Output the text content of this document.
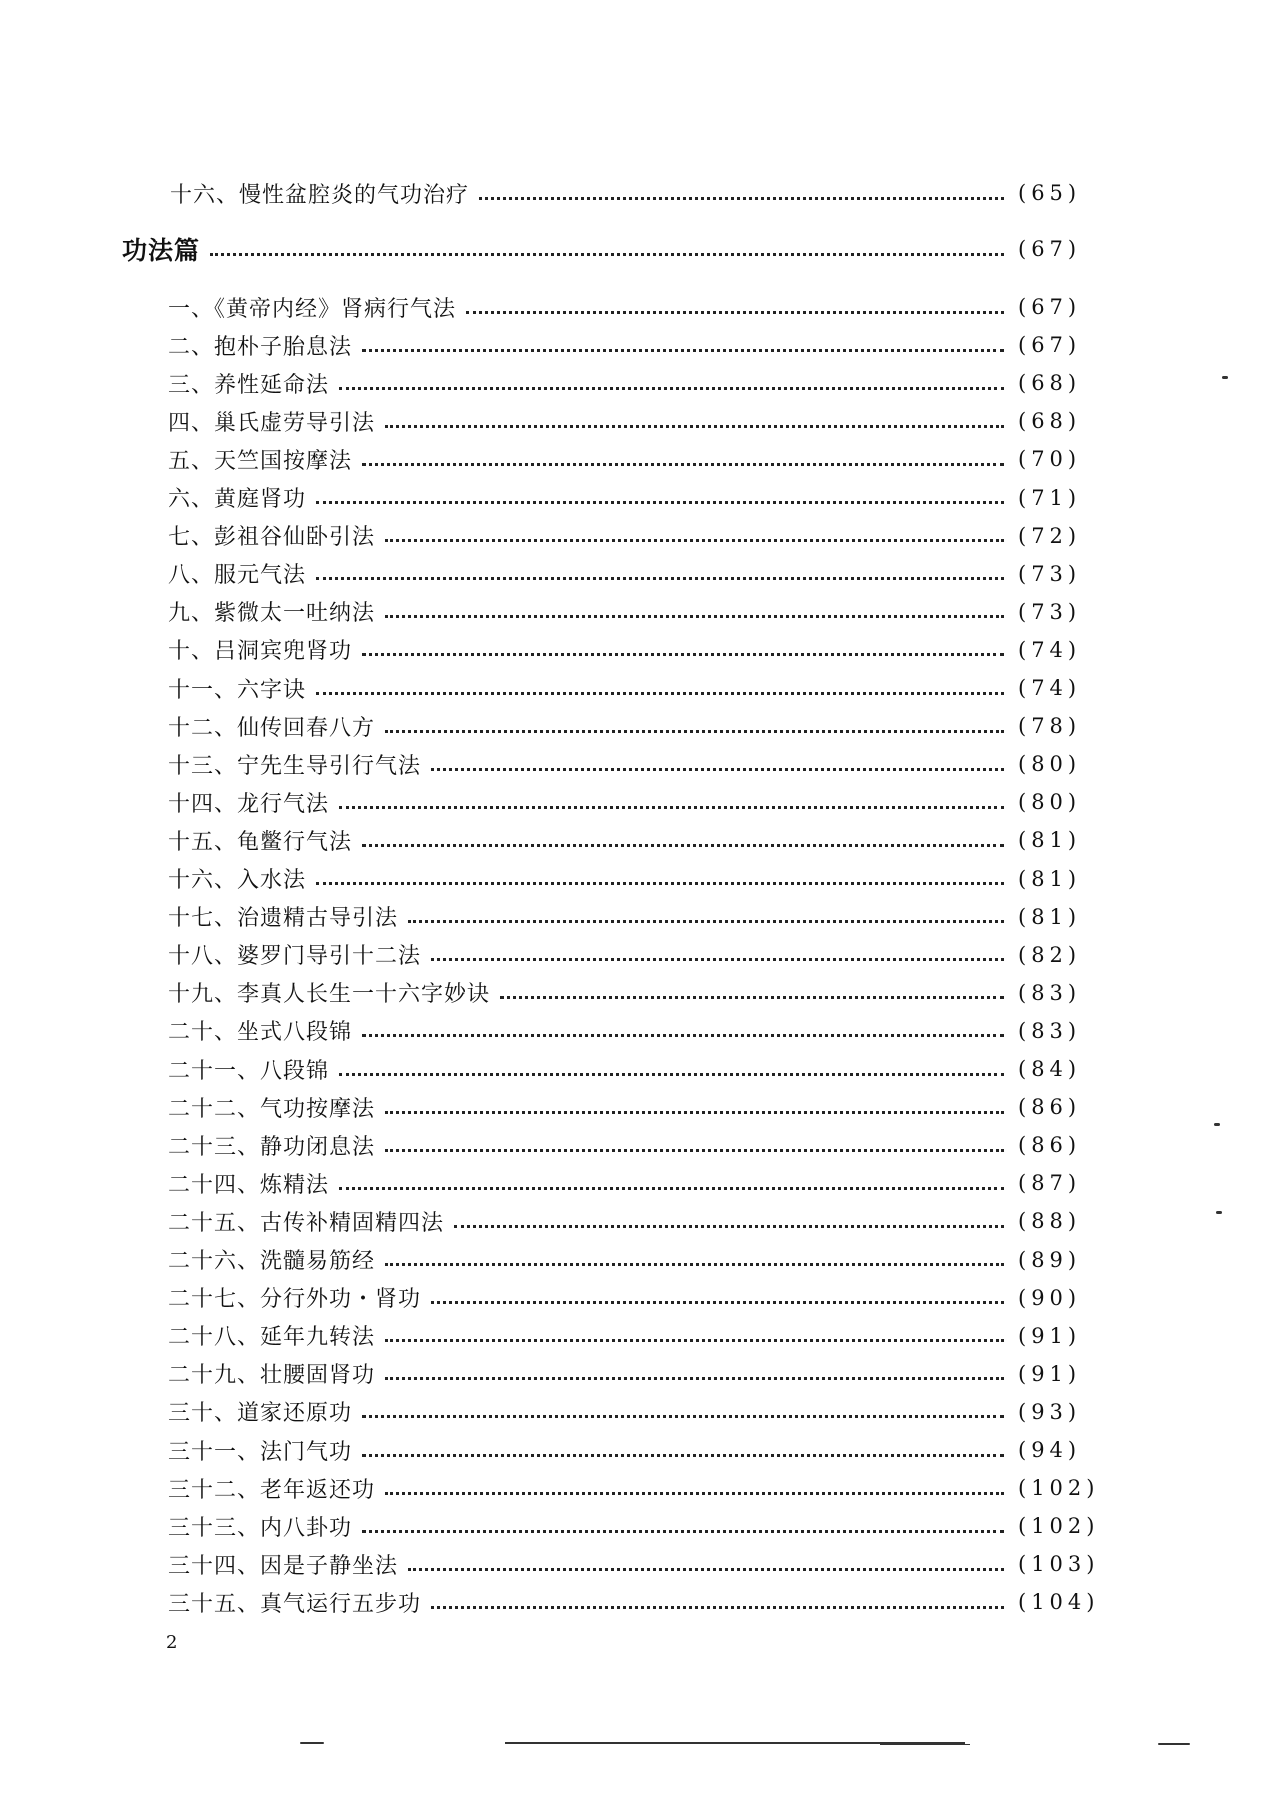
十六、慢性盆腔炎的气功治疗	(65)
功法篇	(67)
一、《黄帝内经》肾病行气法	(67)
二、抱朴子胎息法	(67)
三、养性延命法	(68)
四、巢氏虚劳导引法	(68)
五、天竺国按摩法	(70)
六、黄庭肾功	(71)
七、彭祖谷仙卧引法	(72)
八、服元气法	(73)
九、紫微太一吐纳法	(73)
十、吕洞宾兜肾功	(74)
十一、六字诀	(74)
十二、仙传回春八方	(78)
十三、宁先生导引行气法	(80)
十四、龙行气法	(80)
十五、龟鳖行气法	(81)
十六、入水法	(81)
十七、治遗精古导引法	(81)
十八、婆罗门导引十二法	(82)
十九、李真人长生一十六字妙诀	(83)
二十、坐式八段锦	(83)
二十一、八段锦	(84)
二十二、气功按摩法	(86)
二十三、静功闭息法	(86)
二十四、炼精法	(87)
二十五、古传补精固精四法	(88)
二十六、洗髓易筋经	(89)
二十七、分行外功・肾功	(90)
二十八、延年九转法	(91)
二十九、壮腰固肾功	(91)
三十、道家还原功	(93)
三十一、法门气功	(94)
三十二、老年返还功	(102)
三十三、内八卦功	(102)
三十四、因是子静坐法	(103)
三十五、真气运行五步功	(104)
2
